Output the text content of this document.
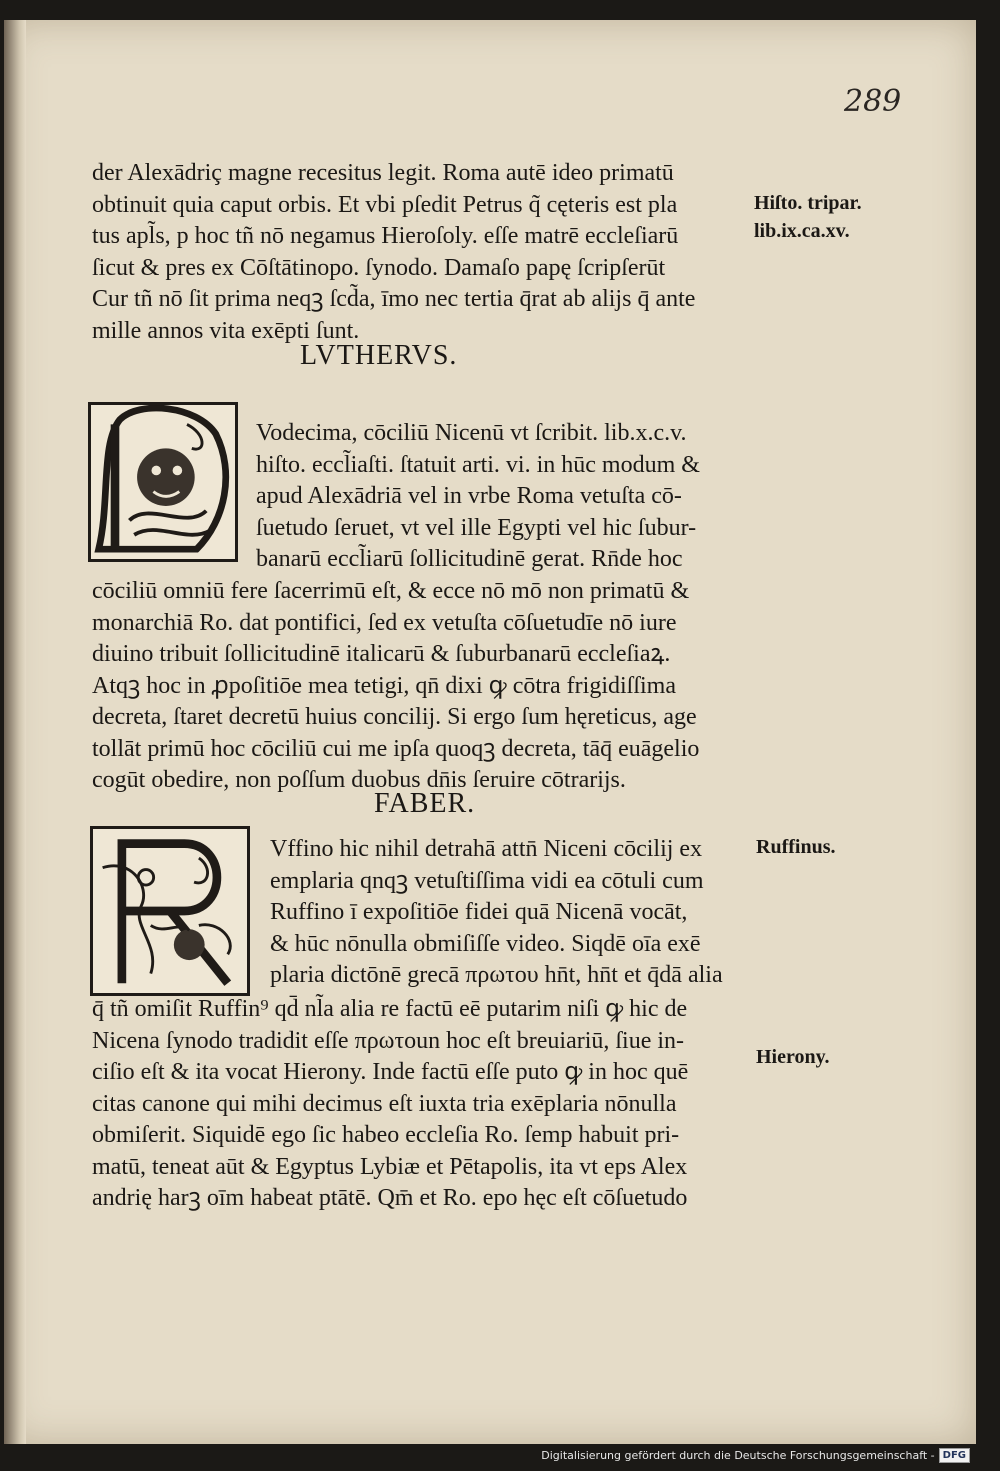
289
der Alexādriç magne recesitus legit. Roma autē ideo primatū
obtinuit quia caput orbis. Et vbi pſedit Petrus q̃ cęteris est pla
tus apl̃s, p hoc tñ nō negamus Hieroſoly. eſſe matrē eccleſiarū
ſicut & pres ex Cōſtātinopo. ſynodo. Damaſo papę ſcripſerūt
Cur tñ nō ſit prima neqꝫ ſcd̃a, īmo nec tertia q̄rat ab alijs q̄ ante
mille annos vita exēpti ſunt.
Hiſto. tripar.
lib.ix.ca.xv.
LVTHERVS.
Vodecima, cōciliū Nicenū vt ſcribit. lib.x.c.v.
hiſto. eccl̃iaſti. ſtatuit arti. vi. in hūc modum &
apud Alexādriā vel in vrbe Roma vetuſta cō-
ſuetudo ſeruet, vt vel ille Egypti vel hic ſubur-
banarū eccl̃iarū ſollicitudinē gerat. Rn̄de hoc
cōciliū omniū fere ſacerrimū eſt, & ecce nō mō non primatū &
monarchiā Ro. dat pontifici, ſed ex vetuſta cōſuetudīe nō iure
diuino tribuit ſollicitudinē italicarū & ſuburbanarū eccleſiaꝝ.
Atqꝫ hoc in ꝓpoſitiōe mea tetigi, qn̄ dixi ꝙ cōtra frigidiſſima
decreta, ſtaret decretū huius concilij. Si ergo ſum hęreticus, age
tollāt primū hoc cōciliū cui me ipſa quoqꝫ decreta, tāq̄ euāgelio
cogūt obedire, non poſſum duobus dn̄is ſeruire cōtrarijs.
FABER.
Vffino hic nihil detrahā attn̄ Niceni cōcilij ex
emplaria qnqꝫ vetuſtiſſima vidi ea cōtuli cum
Ruffino ī expoſitiōe fidei quā Nicenā vocāt,
& hūc nōnulla obmiſiſſe video. Siqdē oīa exē
plaria dictōnē grecā πρωτου hn̄t, hn̄t et q̄dā alia
q̄ tñ omiſit Ruffin⁹ qd̄ nl̃a alia re factū eē putarim niſi ꝙ hic de
Nicena ſynodo tradidit eſſe πρωτοun hoc eſt breuiariū, ſiue in-
ciſio eſt & ita vocat Hierony. Inde factū eſſe puto ꝙ in hoc quē
citas canone qui mihi decimus eſt iuxta tria exēplaria nōnulla
obmiſerit. Siquidē ego ſic habeo eccleſia Ro. ſemp habuit pri-
matū, teneat aūt & Egyptus Lybiæ et Pētapolis, ita vt eps Alex
andrię harꝫ oīm habeat ptātē. Qm̄ et Ro. epo hęc eſt cōſuetudo
Ruffinus.
Hierony.
Digitalisierung gefördert durch die Deutsche Forschungsgemeinschaft - DFG
